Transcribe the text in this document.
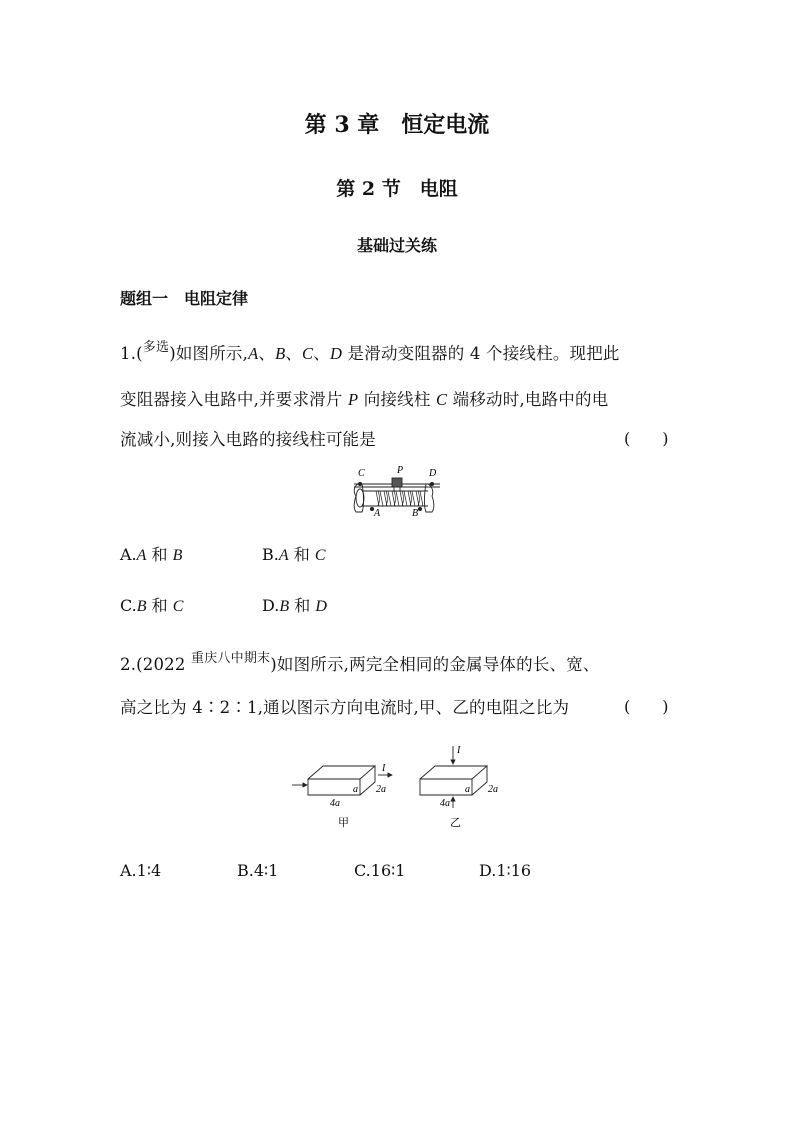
第 3 章　恒定电流
第 2 节　电阻
基础过关练
题组一　电阻定律
1.($^{多选}$)如图所示,A、B、C、D 是滑动变阻器的 4 个接线柱。现把此
变阻器接入电路中,并要求滑片 P 向接线柱 C 端移动时,电路中的电
流减小,则接入电路的接线柱可能是	(　　)
C	P	D
A	B
A.A 和 B	B.A 和 C
C.B 和 C	D.B 和 D
2.(2022 $^{重庆八中期末}$)如图所示,两完全相同的金属导体的长、宽、
高之比为 4∶2∶1,通以图示方向电流时,甲、乙的电阻之比为	(　　)
I
4a
a 2a
甲
I
4a
a 2a
乙
A.1∶4	B.4∶1	C.16∶1	D.1∶16
